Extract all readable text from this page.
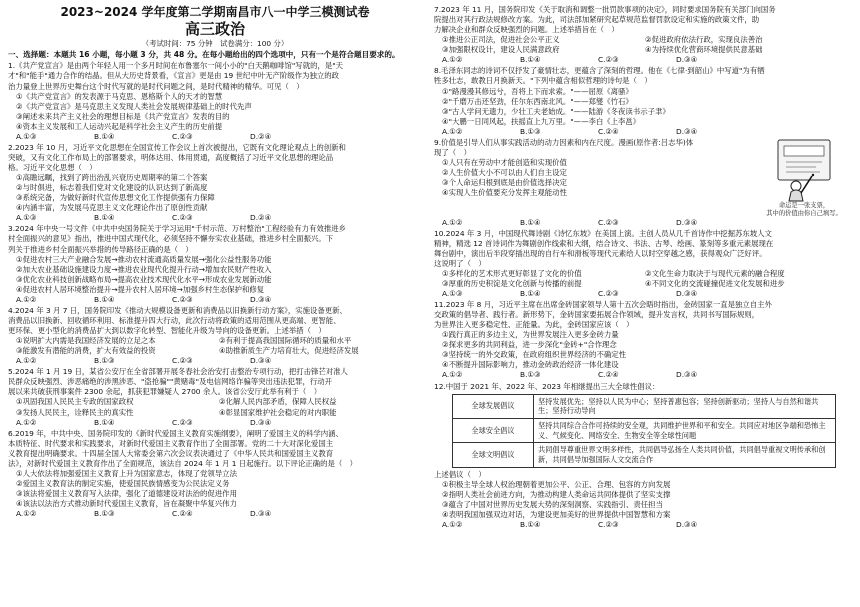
2023~2024 学年度第二学期南昌市八一中学三模测试卷
高三政治
（考试时间：75 分钟　试卷满分：100 分）
一、选择题：本题共 16 小题，每小题 3 分，共 48 分。在每小题给出的四个选项中，只有一个是符合题目要求的。

1.《共产党宣言》是由两个年轻人用一个多月时间在布鲁塞尔一间小小的"白天鹅咖啡馆"写就的，是"天

才"和"能手"通力合作的结晶。但从大历史背景看，《宣言》更是由 19 世纪中叶无产阶级作为独立的政

治力量登上世界历史舞台这个时代写就的是时代问题之间，是时代精神的精华。可见（　）

①《共产党宣言》的发表源于马克思、恩格斯个人的天才的智慧

②《共产党宣言》是马克思主义发现人类社会发展规律基础上的时代先声

③阐述未来共产主义社会的理想目标是《共产党宣言》发表的目的

④资本主义发展和工人运动兴起是科学社会主义产生的历史前提

A.①③	B.①④	C.②③	D.②④

2.2023 年 10 月，习近平文化思想在全国宣传工作会议上首次被提出，它既有文化理论观点上的创新和

突破，又有文化工作布局上的部署要求，明体达用、体用贯通，高度概括了习近平文化思想的理论品

格。习近平文化思想（　）

①高瞻远瞩，找到了跨出治乱兴衰历史周期率的第二个答案

②与时俱进，标志着我们党对文化建设的认识达到了新高度

③系统完备，为做好新时代宣传思想文化工作提供强有力保障

④内涵丰富，为发展马克思主义文化理论作出了原创性贡献

A.①③	B.①④	C.②③	D.②④

3.2024 年中央一号文件《中共中央国务院关于学习运用"千村示范、万村整治"工程经验有力有效推进乡

村全面振兴的意见》指出，推进中国式现代化，必须坚持不懈夯实农业基础，推进乡村全面振兴。下

列关于推进乡村全面振兴举措的传导路径正确的是（　）

①促进农村三大产业融合发展→推动农村流通高质量发展→强化公益性服务功能

②加大农业基础设施建设力度→推进农业现代化提升行动→增加农民财产性收入

③优化农业科技创新战略布局→提高农业技术现代化水平→形成农业发展新动能

④促进农村人居环境整治提升→提升农村人居环境→加强乡村生态保护和修复

A.①②	B.①④	C.②③	D.③④

4.2024 年 3 月 7 日，国务院印发《推动大规模设备更新和消费品以旧换新行动方案》，实施设备更新、

消费品以旧换新、回收循环利用、标准提升四大行动，此次行动将政策的适用范围从更高端、更智能、

更环保、更小型化的消费品扩大到以数字化转型、智能化升级为导向的设备更新。上述举措（　）

①说明扩大内需是我国经济发展的立足之本	②有利于提高我国国际循环的质量和水平
③能激发有潜能的消费，扩大有效益的投资	④助推新质生产力培育壮大，促进经济发展
A.①②	B.①③	C.②③	D.③④

5.2024 年 1 月 19 日，某省公安厅在全省部署开展冬春社会治安打击整治专项行动，把打击锋芒对准人

民群众反映强烈、涉恶痛绝的涉黑涉恶、"盗抢骗""黄赌毒"及电信网络诈骗等突出违法犯罪，行动开

展以来共破获刑事案件 2300 余起，抓获犯罪嫌疑人 2700 余人。该省公安厅此举有利于（　）

①巩固我国人民民主专政的国家政权	②化解人民内部矛盾，保障人民权益
③发扬人民民主，诠释民主的真实性	④彰显国家维护社会稳定的对内职能
A.①②	B.①④	C.②③	D.③④

6.2019 年，中共中央、国务院印发的《新时代爱国主义教育实施纲要》，阐明了爱国主义的科学内涵、

本质特征、时代要求和实践要求，对新时代爱国主义教育作出了全面部署。党的二十大对深化爱国主

义教育提出明确要求。十四届全国人大常委会第六次会议表决通过了《中华人民共和国爱国主义教育

法》，对新时代爱国主义教育作出了全面规范，该法自 2024 年 1 月 1 日起施行。以下评论正确的是（　）

①人大依法将加强爱国主义教育上升为国家意志，体现了党领导立法

②爱国主义教育法的制定实施，使爱国民族情感变为公民法定义务

③该法将爱国主义教育写入法律，强化了道德建设对法治的促进作用

④该法以法治方式推动新时代爱国主义教育，旨在凝聚中华复兴伟力

A.①②	B.①③	C.②④	D.③④

7.2023 年 11 月，国务院印发《关于取消和调整一批罚款事项的决定》，同时要求国务院有关部门向国务

院提出对其行政法规修改方案。为此，司法部加紧研究起草规范监督罚款设定和实施的政策文件，助

力解决企业和群众反映强烈的问题。上述举措旨在（　）

①推进公正司法，促进社会公平正义	②促进政府依法行政，实现良法善治
③加强限权设计，建设人民满意政府	④为持续优化营商环境提供民意基础
A.①②	B.①④	C.②③	D.③④

8.毛泽东同志的诗词不仅抒发了豪情壮志，更蕴含了深刻的哲理。他在《七律·到韶山》中写道"为有牺

牲多壮志，敢教日月换新天。"下列中蕴含相似哲理的诗句是（　）

①"路漫漫其修远兮，吾将上下而求索。"——屈原《离骚》

②"千磨万击还坚劲，任尔东西南北风。"——郑燮《竹石》

③"古人学问无遗力，少壮工夫老始成。"——陆游《冬夜读书示子聿》

④"大鹏一日同风起，扶摇直上九万里。"——李白《上李邕》

A.①②	B.①③	C.②④	D.③④

9.价值是引导人们从事实践活动的动力因素和内在尺度。漫画(原作者:吕志华)体

现了（　）

①人只有在劳动中才能创造和实现价值

②人生价值大小不可以由人们自主设定

③个人命运归根到底是由价值选择决定

④实现人生价值要充分发挥主观能动性

命运是一张支票，
其中的价值由你自己填写。
A.①②	B.①④	C.②③	D.③④

10.2024 年 3 月，中国现代舞诗剧《诗忆东坡》在美国上演。主创人员从几千首诗作中挖掘苏东坡人文

精神，精选 12 首诗词作为舞剧创作线索和大纲，结合诗文、书法、古琴、绘画、篆刻等多重元素展现在

舞台剧中，演出后半段穿插出现的自行车和滑板等现代元素给人以时空穿越之感，获得观众广泛好评。

这说明了（　）

①多样化的艺术形式更好彰显了文化的价值	②文化生命力取决于与现代元素的融合程度
③厚重的历史积淀是文化创新与传播的前提	④不同文化的交流碰撞促进文化发展和进步
A.①③	B.①④	C.②③	D.③④

11.2023 年 8 月，习近平主席在出席金砖国家领导人第十五次会晤时指出，金砖国家一直是独立自主外

交政策的倡导者、践行者。新形势下，金砖国家要拓展合作领域，提升发言权，共同书写国际规则，

为世界注入更多稳定性、正能量。为此，金砖国家应该（　）

①践行真正的多边主义，为世界发展注入更多金砖力量

②探求更多的共同利益，进一步深化"金砖+"合作理念

③坚持统一的外交政策，在政府组织世界经济的不确定性

④不断提升国际影响力，推动金砖政治经济一体化建设

A.①②	B.①③	C.②④	D.③④

12.中国于 2021 年、2022 年、2023 年相继提出三大全球性倡议：

全球发展倡议	坚持发展优先；坚持以人民为中心；坚持普惠包容；坚持创新驱动；坚持人与自然和谐共生；坚持行动导向
全球安全倡议	坚持共同综合合作可持续的安全观，共同维护世界和平和安全。共同应对地区争端和恐怖主义、气候变化、网络安全、生物安全等全球性问题
全球文明倡议	共同倡导尊重世界文明多样性，共同倡导弘扬全人类共同价值，共同倡导重视文明传承和创新，共同倡导加强国际人文交流合作

上述倡议（　）

①积极主导全球人权治理朝着更加公平、公正、合理、包容的方向发展

②指明人类社会前进方向，为推动构建人类命运共同体提供了坚实支撑

③蕴含了中国对世界历史发展大势的深刻洞察、实践指引、责任担当

④表明我国加强双边对话，为建设更加美好的世界提供中国智慧和方案

A.①②	B.①④	C.②③	D.③④
